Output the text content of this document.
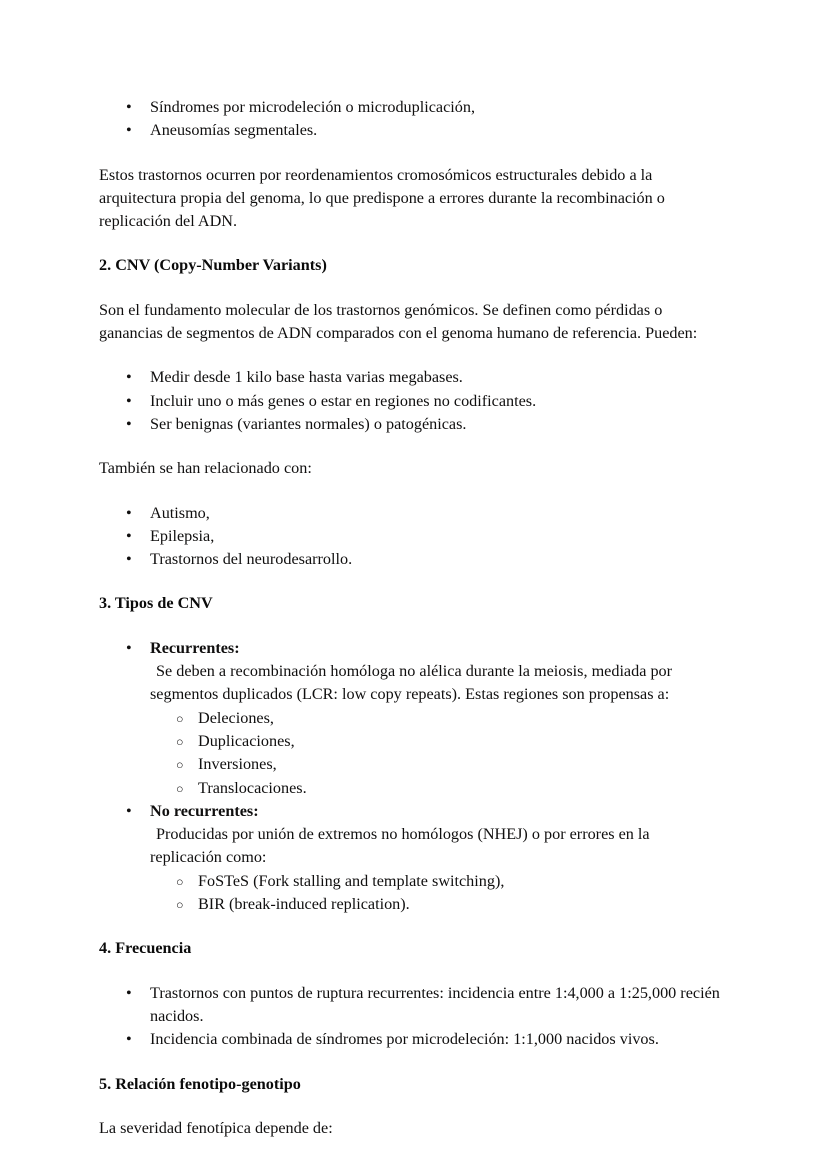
•	Síndromes por microdeleción o microduplicación,
•	Aneusomías segmentales.

Estos trastornos ocurren por reordenamientos cromosómicos estructurales debido a la arquitectura propia del genoma, lo que predispone a errores durante la recombinación o replicación del ADN.

2. CNV (Copy-Number Variants)

Son el fundamento molecular de los trastornos genómicos. Se definen como pérdidas o ganancias de segmentos de ADN comparados con el genoma humano de referencia. Pueden:

•	Medir desde 1 kilo base hasta varias megabases.
•	Incluir uno o más genes o estar en regiones no codificantes.
•	Ser benignas (variantes normales) o patogénicas.

También se han relacionado con:

•	Autismo,
•	Epilepsia,
•	Trastornos del neurodesarrollo.
3. Tipos de CNV
•	Recurrentes:
Se deben a recombinación homóloga no alélica durante la meiosis, mediada por segmentos duplicados (LCR: low copy repeats). Estas regiones son propensas a:
○ Deleciones,
○ Duplicaciones,
○ Inversiones,
○ Translocaciones.
•	No recurrentes:
Producidas por unión de extremos no homólogos (NHEJ) o por errores en la replicación como:
○ FoSTeS (Fork stalling and template switching),
○ BIR (break-induced replication).
4. Frecuencia
•	Trastornos con puntos de ruptura recurrentes: incidencia entre 1:4,000 a 1:25,000 recién nacidos.
•	Incidencia combinada de síndromes por microdeleción: 1:1,000 nacidos vivos.
5. Relación fenotipo-genotipo

La severidad fenotípica depende de:
